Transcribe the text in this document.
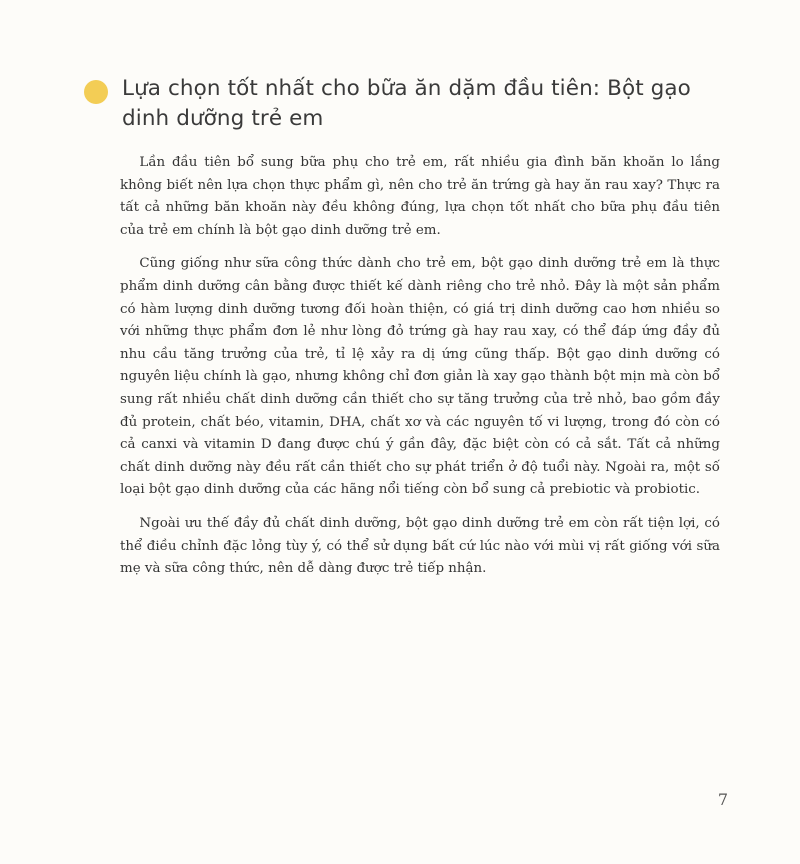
Lựa chọn tốt nhất cho bữa ăn dặm đầu tiên: Bột gạo dinh dưỡng trẻ em

Lần đầu tiên bổ sung bữa phụ cho trẻ em, rất nhiều gia đình băn khoăn lo lắng không biết nên lựa chọn thực phẩm gì, nên cho trẻ ăn trứng gà hay ăn rau xay? Thực ra tất cả những băn khoăn này đều không đúng, lựa chọn tốt nhất cho bữa phụ đầu tiên của trẻ em chính là bột gạo dinh dưỡng trẻ em.

Cũng giống như sữa công thức dành cho trẻ em, bột gạo dinh dưỡng trẻ em là thực phẩm dinh dưỡng cân bằng được thiết kế dành riêng cho trẻ nhỏ. Đây là một sản phẩm có hàm lượng dinh dưỡng tương đối hoàn thiện, có giá trị dinh dưỡng cao hơn nhiều so với những thực phẩm đơn lẻ như lòng đỏ trứng gà hay rau xay, có thể đáp ứng đầy đủ nhu cầu tăng trưởng của trẻ, tỉ lệ xảy ra dị ứng cũng thấp. Bột gạo dinh dưỡng có nguyên liệu chính là gạo, nhưng không chỉ đơn giản là xay gạo thành bột mịn mà còn bổ sung rất nhiều chất dinh dưỡng cần thiết cho sự tăng trưởng của trẻ nhỏ, bao gồm đầy đủ protein, chất béo, vitamin, DHA, chất xơ và các nguyên tố vi lượng, trong đó còn có cả canxi và vitamin D đang được chú ý gần đây, đặc biệt còn có cả sắt. Tất cả những chất dinh dưỡng này đều rất cần thiết cho sự phát triển ở độ tuổi này. Ngoài ra, một số loại bột gạo dinh dưỡng của các hãng nổi tiếng còn bổ sung cả prebiotic và probiotic.

Ngoài ưu thế đầy đủ chất dinh dưỡng, bột gạo dinh dưỡng trẻ em còn rất tiện lợi, có thể điều chỉnh đặc lỏng tùy ý, có thể sử dụng bất cứ lúc nào với mùi vị rất giống với sữa mẹ và sữa công thức, nên dễ dàng được trẻ tiếp nhận.

7
